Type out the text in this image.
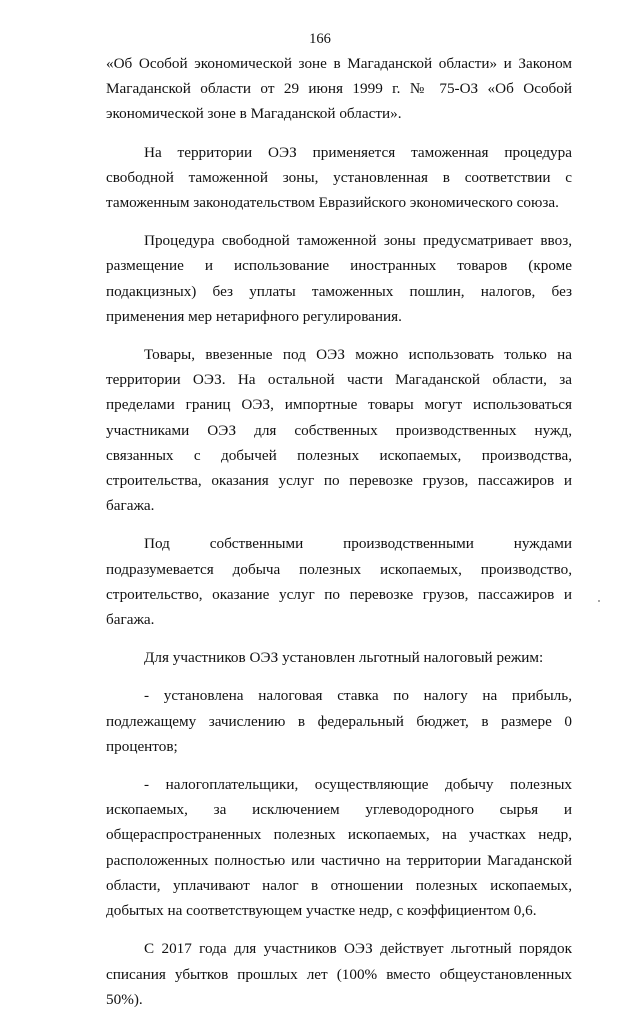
166

«Об Особой экономической зоне в Магаданской области» и Законом Магаданской области от 29 июня 1999 г. № 75-ОЗ «Об Особой экономической зоне в Магаданской области».

На территории ОЭЗ применяется таможенная процедура свободной таможенной зоны, установленная в соответствии с таможенным законодательством Евразийского экономического союза.

Процедура свободной таможенной зоны предусматривает ввоз, размещение и использование иностранных товаров (кроме подакцизных) без уплаты таможенных пошлин, налогов, без применения мер нетарифного регулирования.

Товары, ввезенные под ОЭЗ можно использовать только на территории ОЭЗ. На остальной части Магаданской области, за пределами границ ОЭЗ, импортные товары могут использоваться участниками ОЭЗ для собственных производственных нужд, связанных с добычей полезных ископаемых, производства, строительства, оказания услуг по перевозке грузов, пассажиров и багажа.

Под собственными производственными нуждами подразумевается добыча полезных ископаемых, производство, строительство, оказание услуг по перевозке грузов, пассажиров и багажа.

Для участников ОЭЗ установлен льготный налоговый режим:

- установлена налоговая ставка по налогу на прибыль, подлежащему зачислению в федеральный бюджет, в размере 0 процентов;

- налогоплательщики, осуществляющие добычу полезных ископаемых, за исключением углеводородного сырья и общераспространенных полезных ископаемых, на участках недр, расположенных полностью или частично на территории Магаданской области, уплачивают налог в отношении полезных ископаемых, добытых на соответствующем участке недр, с коэффициентом 0,6.

С 2017 года для участников ОЭЗ действует льготный порядок списания убытков прошлых лет (100% вместо общеустановленных 50%).
